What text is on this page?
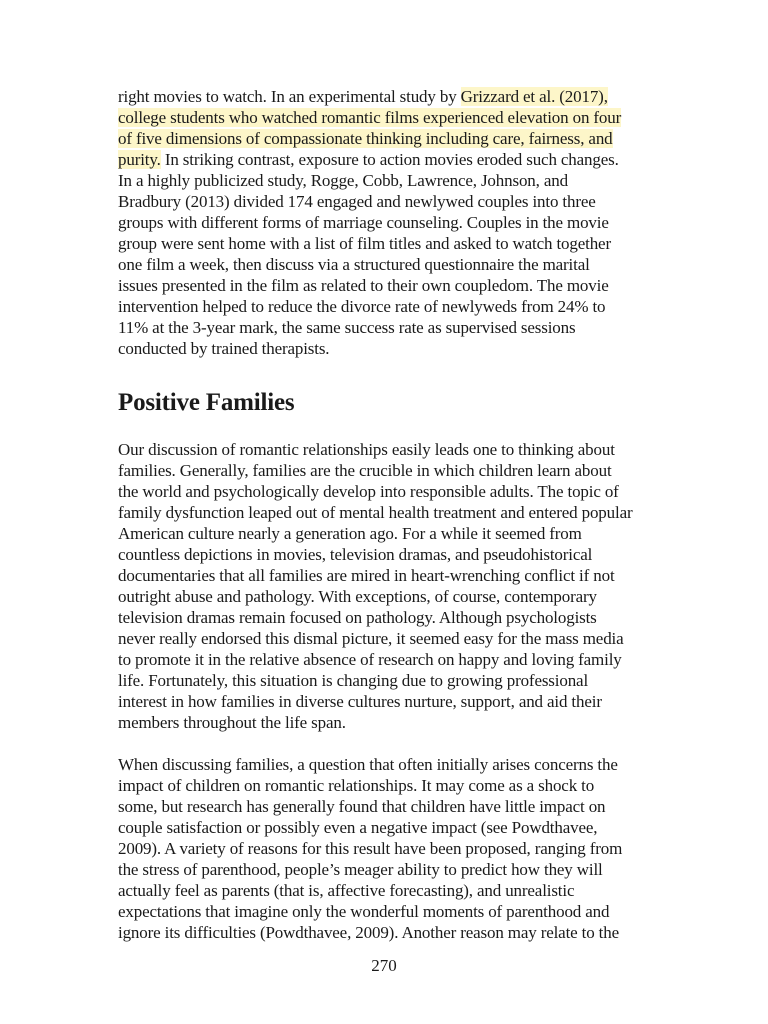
right movies to watch. In an experimental study by Grizzard et al. (2017),
college students who watched romantic films experienced elevation on four
of five dimensions of compassionate thinking including care, fairness, and
purity. In striking contrast, exposure to action movies eroded such changes.
In a highly publicized study, Rogge, Cobb, Lawrence, Johnson, and
Bradbury (2013) divided 174 engaged and newlywed couples into three
groups with different forms of marriage counseling. Couples in the movie
group were sent home with a list of film titles and asked to watch together
one film a week, then discuss via a structured questionnaire the marital
issues presented in the film as related to their own coupledom. The movie
intervention helped to reduce the divorce rate of newlyweds from 24% to
11% at the 3-year mark, the same success rate as supervised sessions
conducted by trained therapists.
Positive Families
Our discussion of romantic relationships easily leads one to thinking about
families. Generally, families are the crucible in which children learn about
the world and psychologically develop into responsible adults. The topic of
family dysfunction leaped out of mental health treatment and entered popular
American culture nearly a generation ago. For a while it seemed from
countless depictions in movies, television dramas, and pseudohistorical
documentaries that all families are mired in heart-wrenching conflict if not
outright abuse and pathology. With exceptions, of course, contemporary
television dramas remain focused on pathology. Although psychologists
never really endorsed this dismal picture, it seemed easy for the mass media
to promote it in the relative absence of research on happy and loving family
life. Fortunately, this situation is changing due to growing professional
interest in how families in diverse cultures nurture, support, and aid their
members throughout the life span.
When discussing families, a question that often initially arises concerns the
impact of children on romantic relationships. It may come as a shock to
some, but research has generally found that children have little impact on
couple satisfaction or possibly even a negative impact (see Powdthavee,
2009). A variety of reasons for this result have been proposed, ranging from
the stress of parenthood, people’s meager ability to predict how they will
actually feel as parents (that is, affective forecasting), and unrealistic
expectations that imagine only the wonderful moments of parenthood and
ignore its difficulties (Powdthavee, 2009). Another reason may relate to the
270
